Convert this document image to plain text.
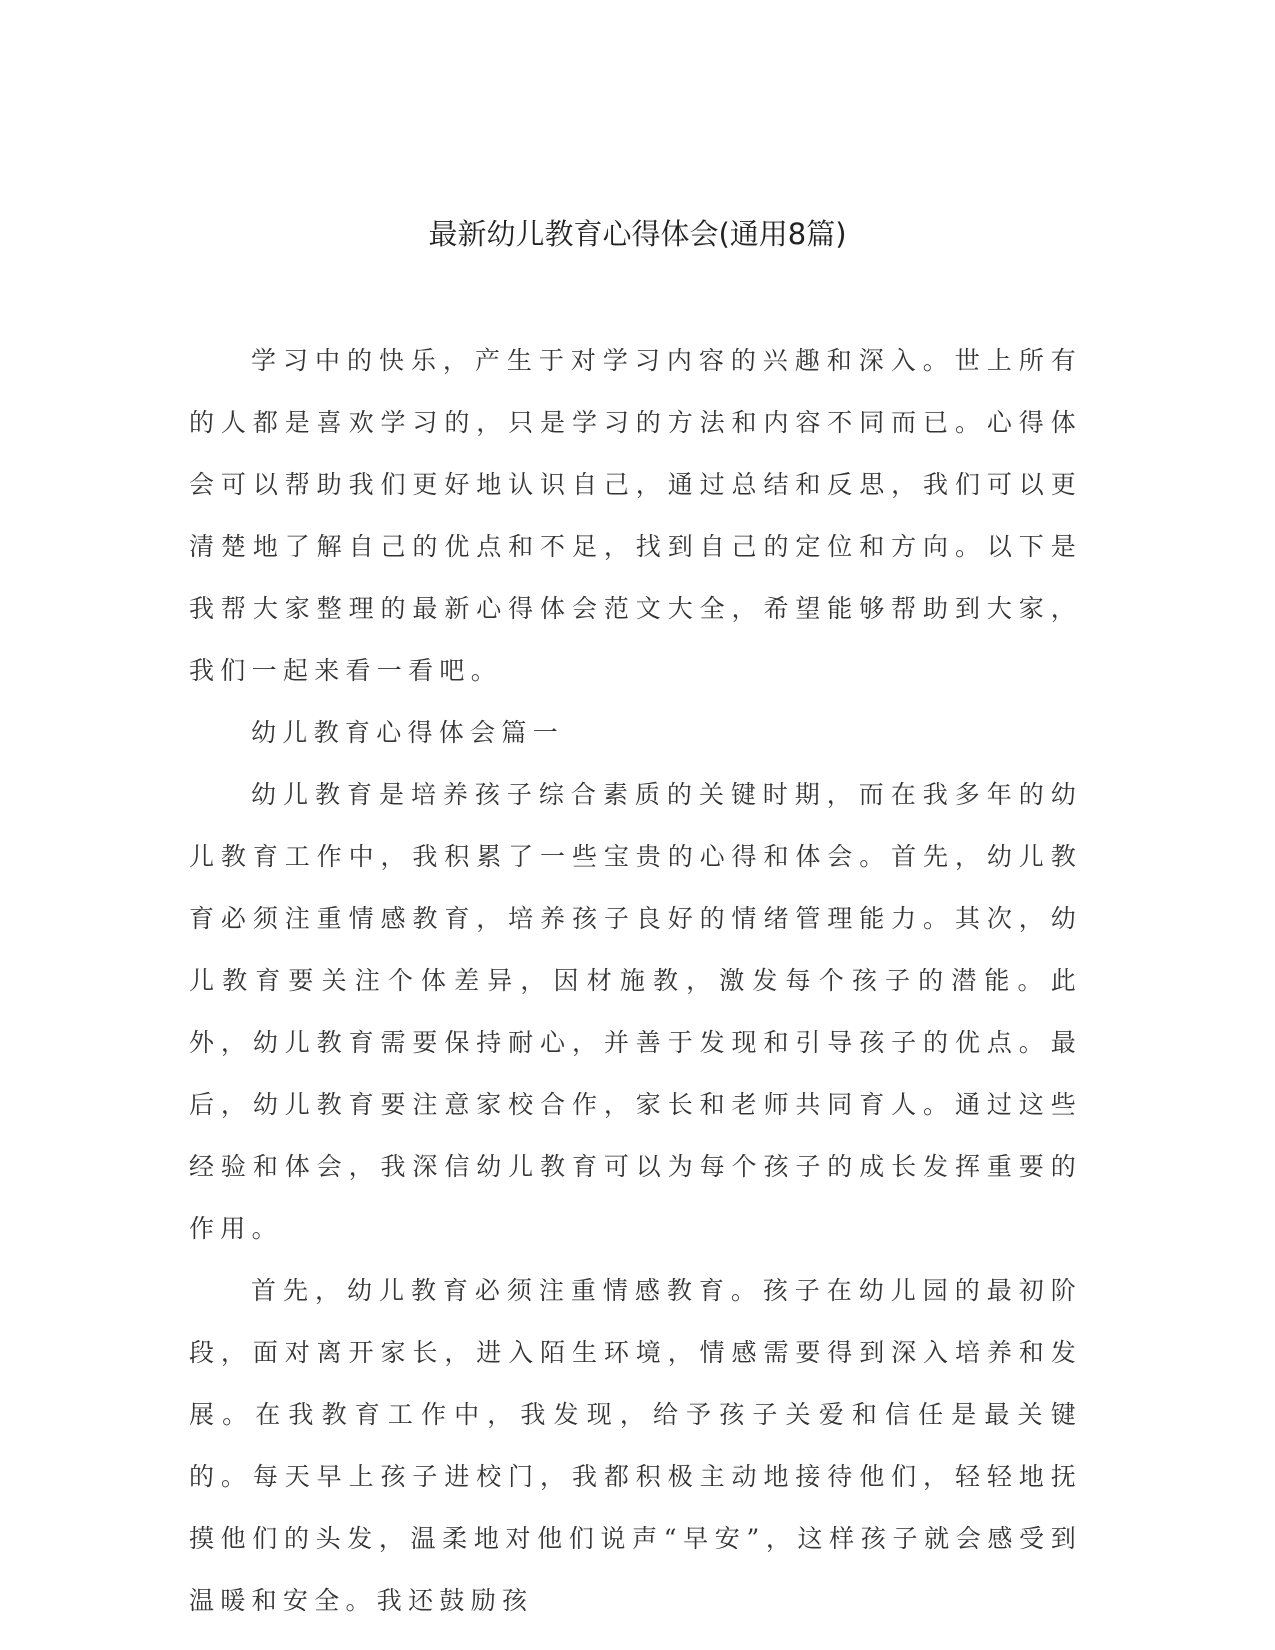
最新幼儿教育心得体会(通用8篇)

学习中的快乐，产生于对学习内容的兴趣和深入。世上所有的人都是喜欢学习的，只是学习的方法和内容不同而已。心得体会可以帮助我们更好地认识自己，通过总结和反思，我们可以更清楚地了解自己的优点和不足，找到自己的定位和方向。以下是我帮大家整理的最新心得体会范文大全，希望能够帮助到大家，我们一起来看一看吧。

幼儿教育心得体会篇一

幼儿教育是培养孩子综合素质的关键时期，而在我多年的幼儿教育工作中，我积累了一些宝贵的心得和体会。首先，幼儿教育必须注重情感教育，培养孩子良好的情绪管理能力。其次，幼儿教育要关注个体差异，因材施教，激发每个孩子的潜能。此外，幼儿教育需要保持耐心，并善于发现和引导孩子的优点。最后，幼儿教育要注意家校合作，家长和老师共同育人。通过这些经验和体会，我深信幼儿教育可以为每个孩子的成长发挥重要的作用。

首先，幼儿教育必须注重情感教育。孩子在幼儿园的最初阶段，面对离开家长，进入陌生环境，情感需要得到深入培养和发展。在我教育工作中，我发现，给予孩子关爱和信任是最关键的。每天早上孩子进校门，我都积极主动地接待他们，轻轻地抚摸他们的头发，温柔地对他们说声“早安”，这样孩子就会感受到温暖和安全。我还鼓励孩
